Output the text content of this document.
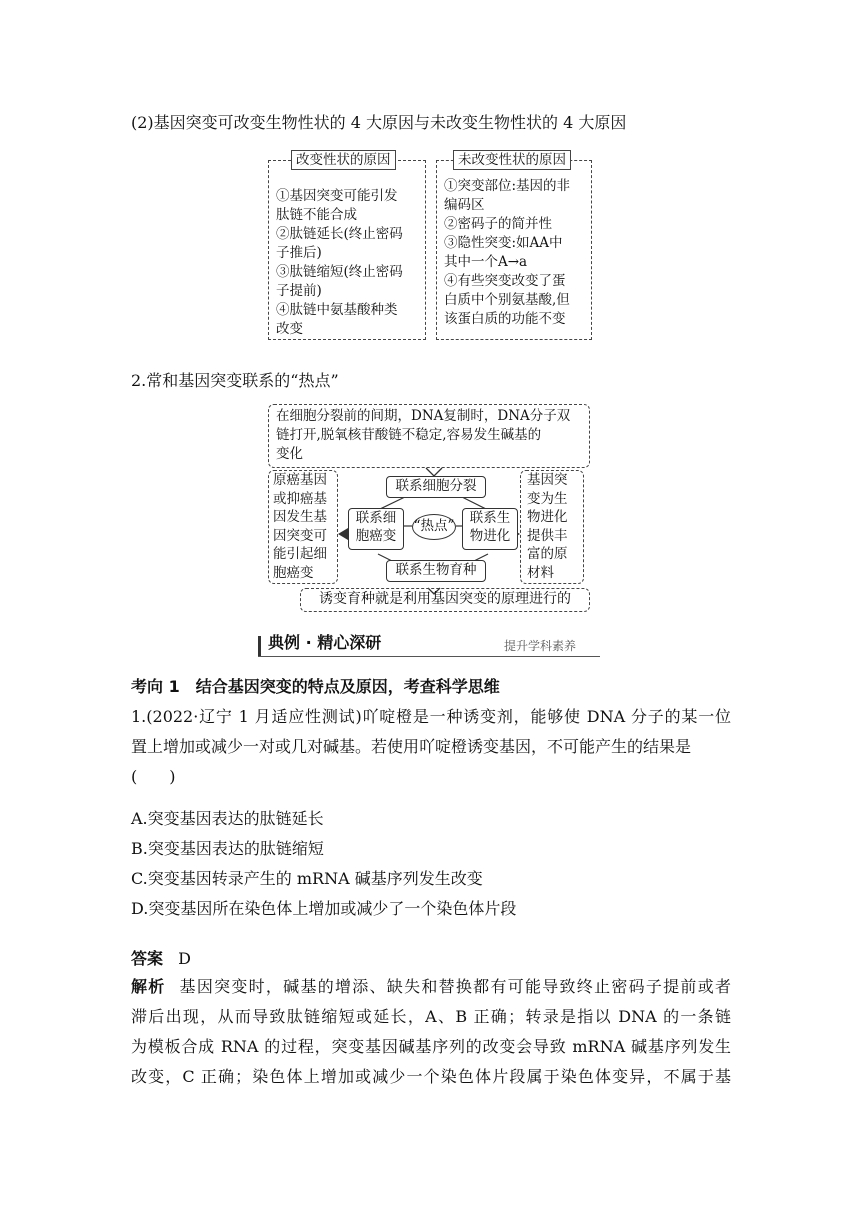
(2)基因突变可改变生物性状的 4 大原因与未改变生物性状的 4 大原因
改变性状的原因
①基因突变可能引发
肽链不能合成
②肽链延长(终止密码
子推后)
③肽链缩短(终止密码
子提前)
④肽链中氨基酸种类
改变
未改变性状的原因
①突变部位:基因的非
编码区
②密码子的简并性
③隐性突变:如AA中
其中一个A→a
④有些突变改变了蛋
白质中个别氨基酸,但
该蛋白质的功能不变
2.常和基因突变联系的“热点”
在细胞分裂前的间期，DNA复制时，DNA分子双
链打开,脱氧核苷酸链不稳定,容易发生碱基的
变化
原癌基因
或抑癌基
因发生基
因突变可
能引起细
胞癌变
基因突
变为生
物进化
提供丰
富的原
材料
联系细胞分裂
联系细
胞癌变
“热点”	联系生
物进化
联系生物育种
诱变育种就是利用基因突变的原理进行的
典例 · 精心深研	提升学科素养
考向 1　结合基因突变的特点及原因，考查科学思维
1.(2022·辽宁 1 月适应性测试)吖啶橙是一种诱变剂，能够使 DNA 分子的某一位
置上增加或减少一对或几对碱基。若使用吖啶橙诱变基因，不可能产生的结果是
(　　)
A.突变基因表达的肽链延长
B.突变基因表达的肽链缩短
C.突变基因转录产生的 mRNA 碱基序列发生改变
D.突变基因所在染色体上增加或减少了一个染色体片段
答案 D
解析 基因突变时，碱基的增添、缺失和替换都有可能导致终止密码子提前或者
滞后出现，从而导致肽链缩短或延长，A、B 正确；转录是指以 DNA 的一条链
为模板合成 RNA 的过程，突变基因碱基序列的改变会导致 mRNA 碱基序列发生
改变，C 正确；染色体上增加或减少一个染色体片段属于染色体变异，不属于基
